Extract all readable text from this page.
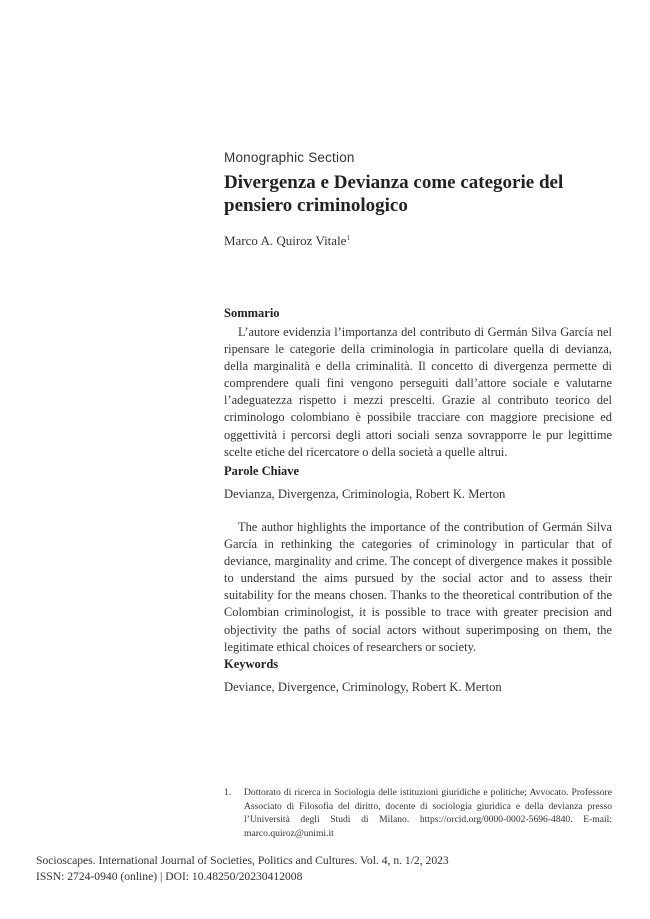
Monographic Section
Divergenza e Devianza come categorie del pensiero criminologico
Marco A. Quiroz Vitale$^1$
Sommario
L’autore evidenzia l’importanza del contributo di Germán Silva García nel ripensare le categorie della criminologia in particolare quella di devianza, della marginalità e della criminalità. Il concetto di divergenza permette di comprendere quali fini vengono perseguiti dall’attore sociale e valutarne l’adeguatezza rispetto i mezzi prescelti. Grazie al contributo teorico del criminologo colombiano è possibile tracciare con maggiore precisione ed oggettività i percorsi degli attori sociali senza sovrapporre le pur legittime scelte etiche del ricercatore o della società a quelle altrui.
Parole Chiave
Devianza, Divergenza, Criminologia, Robert K. Merton
The author highlights the importance of the contribution of Germán Silva García in rethinking the categories of criminology in particular that of deviance, marginality and crime. The concept of divergence makes it possible to understand the aims pursued by the social actor and to assess their suitability for the means chosen. Thanks to the theoretical contribution of the Colombian criminologist, it is possible to trace with greater precision and objectivity the paths of social actors without superimposing on them, the legitimate ethical choices of researchers or society.
Keywords
Deviance, Divergence, Criminology, Robert K. Merton
1.	Dottorato di ricerca in Sociologia delle istituzioni giuridiche e politiche; Avvocato. Professore Associato di Filosofia del diritto, docente di sociologia giuridica e della devianza presso l’Università degli Studi di Milano. https://orcid.org/0000-0002-5696-4840. E-mail: marco.quiroz@unimi.it
Socioscapes. International Journal of Societies, Politics and Cultures. Vol. 4, n. 1/2, 2023
ISSN: 2724-0940 (online) | DOI: 10.48250/20230412008
